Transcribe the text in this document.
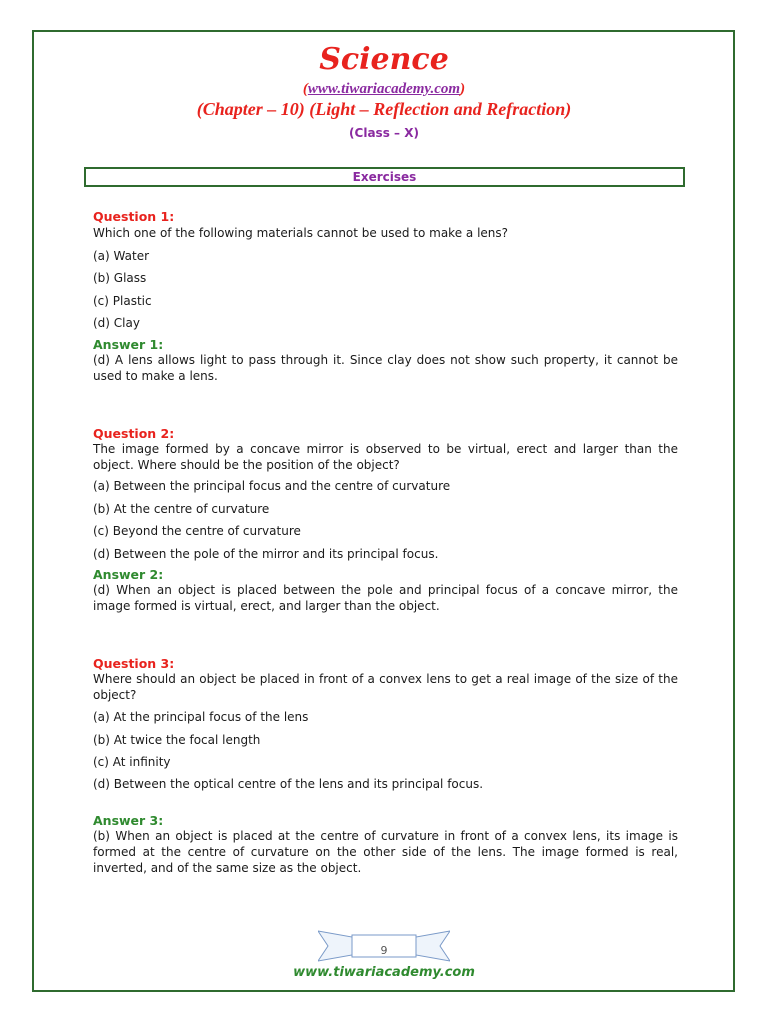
Science
(www.tiwariacademy.com)
(Chapter – 10) (Light – Reflection and Refraction)
(Class – X)
Exercises
Question 1:
Which one of the following materials cannot be used to make a lens?
(a) Water
(b) Glass
(c) Plastic
(d) Clay
Answer 1:
(d) A lens allows light to pass through it. Since clay does not show such property, it cannot be used to make a lens.
Question 2:
The image formed by a concave mirror is observed to be virtual, erect and larger than the object. Where should be the position of the object?
(a) Between the principal focus and the centre of curvature
(b) At the centre of curvature
(c) Beyond the centre of curvature
(d) Between the pole of the mirror and its principal focus.
Answer 2:
(d) When an object is placed between the pole and principal focus of a concave mirror, the image formed is virtual, erect, and larger than the object.
Question 3:
Where should an object be placed in front of a convex lens to get a real image of the size of the object?
(a) At the principal focus of the lens
(b) At twice the focal length
(c) At infinity
(d) Between the optical centre of the lens and its principal focus.
Answer 3:
(b) When an object is placed at the centre of curvature in front of a convex lens, its image is formed at the centre of curvature on the other side of the lens. The image formed is real, inverted, and of the same size as the object.
9
www.tiwariacademy.com
